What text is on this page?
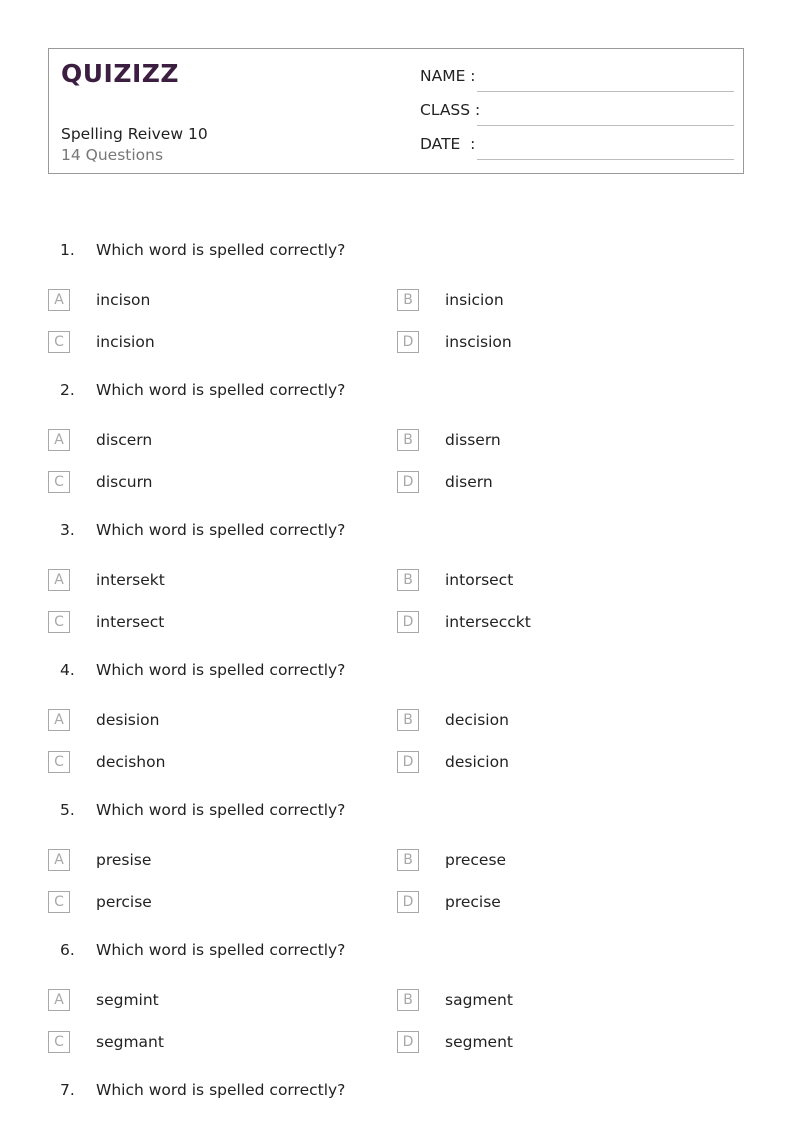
QUIZIZZ
Spelling Reivew 10
14 Questions
NAME :
CLASS :
DATE  :
1. Which word is spelled correctly?
A	incison	B	insicion
C	incision	D	inscision
2. Which word is spelled correctly?
A	discern	B	dissern
C	discurn	D	disern
3. Which word is spelled correctly?
A	intersekt	B	intorsect
C	intersect	D	intersecckt
4. Which word is spelled correctly?
A	desision	B	decision
C	decishon	D	desicion
5. Which word is spelled correctly?
A	presise	B	precese
C	percise	D	precise
6. Which word is spelled correctly?
A	segmint	B	sagment
C	segmant	D	segment
7. Which word is spelled correctly?
